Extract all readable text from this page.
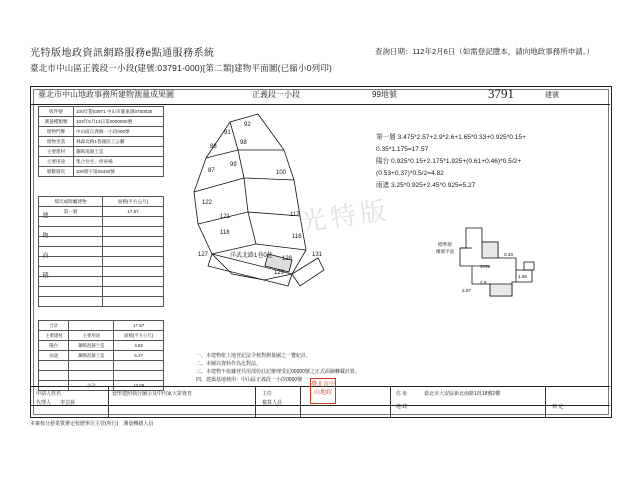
光特版地政資訊網路服務e點通服務系統
臺北市中山區正義段一小段(建號:03791-000)[第二類]建物平面圖(已縮小0列印)
查詢日期：112年2月6日（如需登記謄本，請向地政事務所申請。）
臺北市中山地政事務所建物測量成果圖	正義段一小段	99地號	3791	建號
收件號	100年製03971 中山市臺東測0700030
測量種類號	103年5月13日第0000000號
建物門牌	中山區正義路一小段000號
建物坐落	林森北路1巷國民工公廳
主要建材	鋼筋混凝土造
主要用途	集合住宅、停車場
層數層次	106層字第03330號
建
物
面
積
層次或附屬建物	面積(平方公尺)
第一層	17.57

合計		17.57
主要建材	主要用途	面積(平方公尺)
陽台	鋼筋混凝土造	4.82
雨遮	鋼筋混凝土造	5.27

	小計	10.09
光特版
92
91
98
88
99
87	100
122
121	117
118
116
127
128
131
129
洋武北路1巷0巷
第一層 3.475*2.57+2.9*2.6+1.65*0.33+0.925*0.15+
0.35*1.175=17.57
陽台 0.925*0.15+2.175*1.925+(0.61+0.46)*0.5/2+
(0.53+0.37)*0.5/2=4.82
雨遮 3.25*0.925+2.45*0.925=5.27
標準層
樓層平面
3791
1.65
2.9
0.33
2.57
一、本建物依土地登記法令核對測量圖之一覽紀計。
二、本圖以資料作為比對法。
三、本建物不依據登共用部份註記辦理受記00000號之正式面圖轉載計算。
四、建築基地使用：中山區正義段一小段0000號
申請人姓名	套形建照執行圖示及中丙家大眾資育
代理人 李芸蕎
主任
複算人員
住 址	臺北市大安區新北南路1段18號2樓
地 政	核 定
臺北市中山地政
本案核分藝業質辦定校歷單位主管(所行)　測量轉繕人員
